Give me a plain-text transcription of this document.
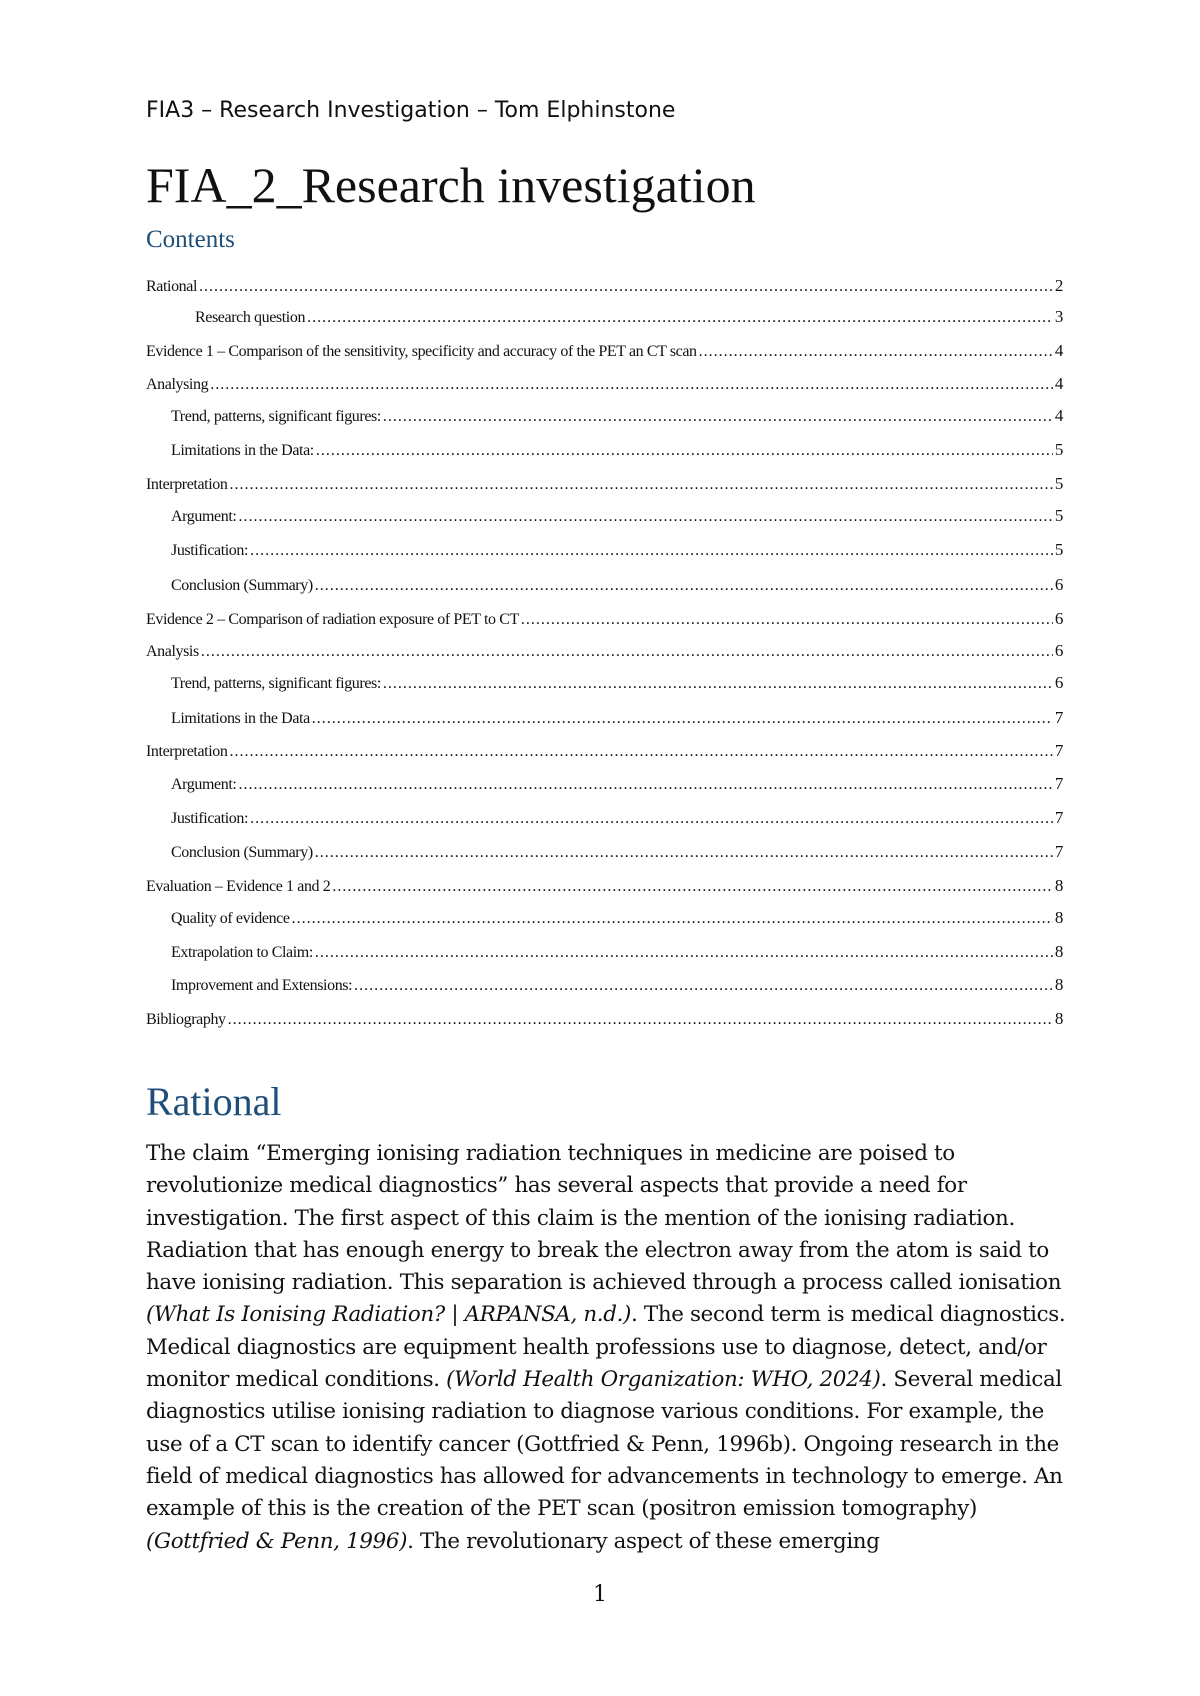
FIA3 – Research Investigation – Tom Elphinstone
FIA_2_Research investigation
Contents
Rational .....	2
Research question .....	3
Evidence 1 – Comparison of the sensitivity, specificity and accuracy of the PET an CT scan .....	4
Analysing .....	4
Trend, patterns, significant figures: .....	4
Limitations in the Data: .....	5
Interpretation .....	5
Argument: .....	5
Justification: .....	5
Conclusion (Summary) .....	6
Evidence 2 – Comparison of radiation exposure of PET to CT .....	6
Analysis .....	6
Trend, patterns, significant figures: .....	6
Limitations in the Data .....	7
Interpretation .....	7
Argument: .....	7
Justification: .....	7
Conclusion (Summary) .....	7
Evaluation – Evidence 1 and 2 .....	8
Quality of evidence .....	8
Extrapolation to Claim: .....	8
Improvement and Extensions: .....	8
Bibliography .....	8
Rational

The claim “Emerging ionising radiation techniques in medicine are poised to revolutionize medical diagnostics” has several aspects that provide a need for investigation. The first aspect of this claim is the mention of the ionising radiation. Radiation that has enough energy to break the electron away from the atom is said to have ionising radiation. This separation is achieved through a process called ionisation (What Is Ionising Radiation? | ARPANSA, n.d.). The second term is medical diagnostics. Medical diagnostics are equipment health professions use to diagnose, detect, and/or monitor medical conditions. (World Health Organization: WHO, 2024). Several medical diagnostics utilise ionising radiation to diagnose various conditions. For example, the use of a CT scan to identify cancer (Gottfried & Penn, 1996b). Ongoing research in the field of medical diagnostics has allowed for advancements in technology to emerge. An example of this is the creation of the PET scan (positron emission tomography) (Gottfried & Penn, 1996). The revolutionary aspect of these emerging

1
